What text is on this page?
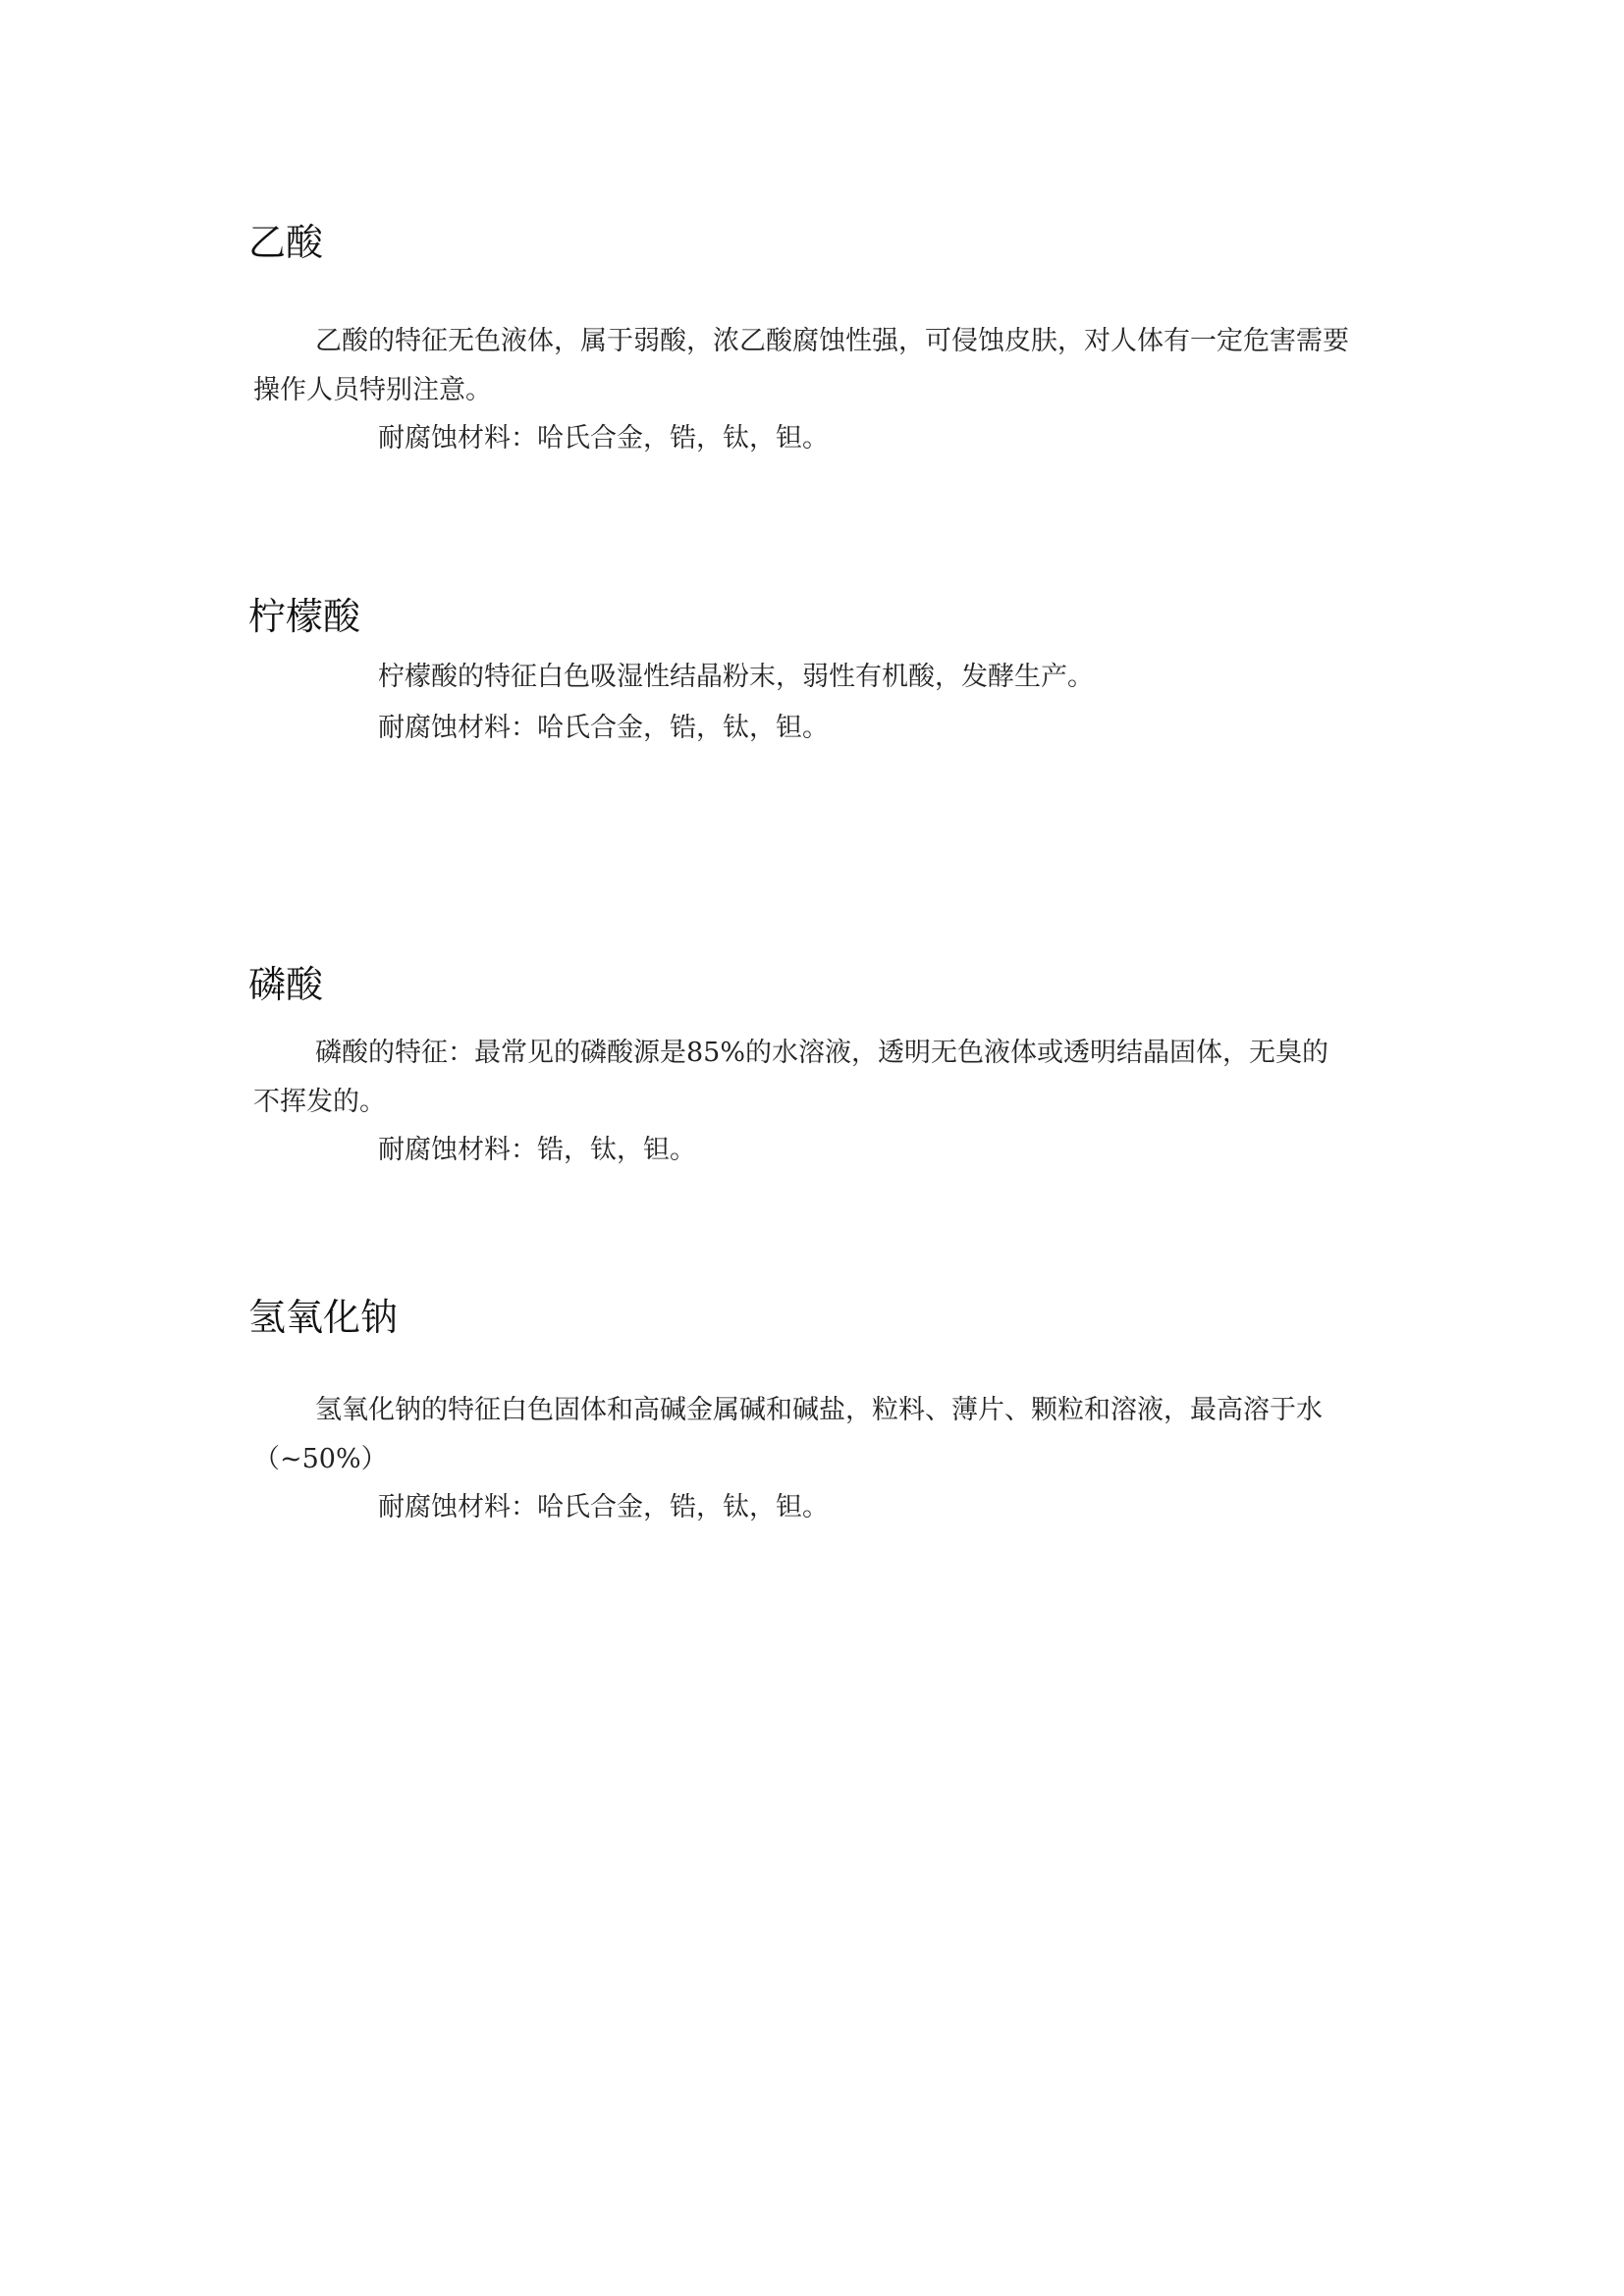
乙酸

乙酸的特征无色液体，属于弱酸，浓乙酸腐蚀性强，可侵蚀皮肤，对人体有一定危害需要操作人员特别注意。

耐腐蚀材料：哈氏合金，锆，钛，钽。

柠檬酸

柠檬酸的特征白色吸湿性结晶粉末，弱性有机酸，发酵生产。

耐腐蚀材料：哈氏合金，锆，钛，钽。

磷酸

磷酸的特征：最常见的磷酸源是85%的水溶液，透明无色液体或透明结晶固体，无臭的不挥发的。

耐腐蚀材料：锆，钛，钽。

氢氧化钠

氢氧化钠的特征白色固体和高碱金属碱和碱盐，粒料、薄片、颗粒和溶液，最高溶于水（~50%）

耐腐蚀材料：哈氏合金，锆，钛，钽。
